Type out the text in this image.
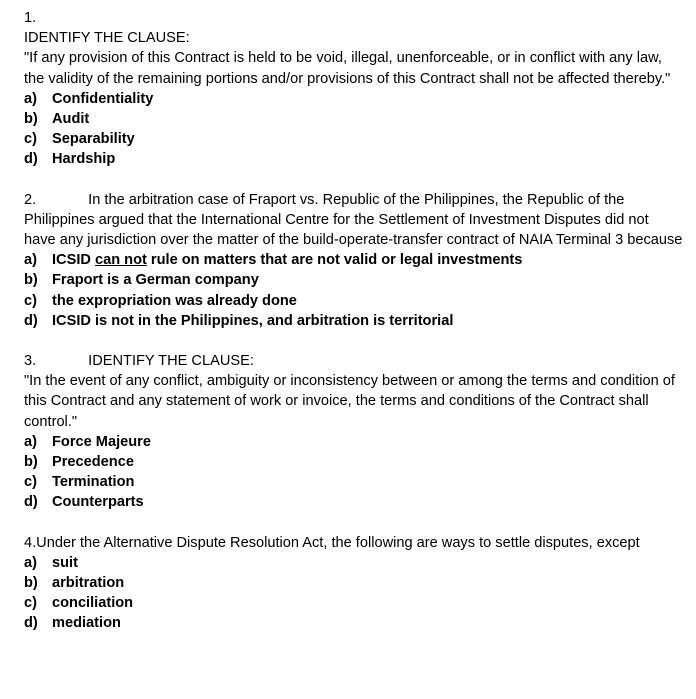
1.
IDENTIFY THE CLAUSE:
"If any provision of this Contract is held to be void, illegal, unenforceable, or in conflict with any law, the validity of the remaining portions and/or provisions of this Contract shall not be affected thereby."
a)	Confidentiality
b) Audit
c)	Separability
d) Hardship
2.	In the arbitration case of Fraport vs. Republic of the Philippines, the Republic of the Philippines argued that the International Centre for the Settlement of Investment Disputes did not have any jurisdiction over the matter of the build-operate-transfer contract of NAIA Terminal 3 because
a)	ICSID can not rule on matters that are not valid or legal investments
b) Fraport is a German company
c)	the expropriation was already done
d) ICSID is not in the Philippines, and arbitration is territorial
3.	IDENTIFY THE CLAUSE:
"In the event of any conflict, ambiguity or inconsistency between or among the terms and condition of this Contract and any statement of work or invoice, the terms and conditions of the Contract shall control."
a)	Force Majeure
b) Precedence
c)	Termination
d) Counterparts
4.Under the Alternative Dispute Resolution Act, the following are ways to settle disputes, except
a)	suit
b) arbitration
c)	conciliation
d) mediation
